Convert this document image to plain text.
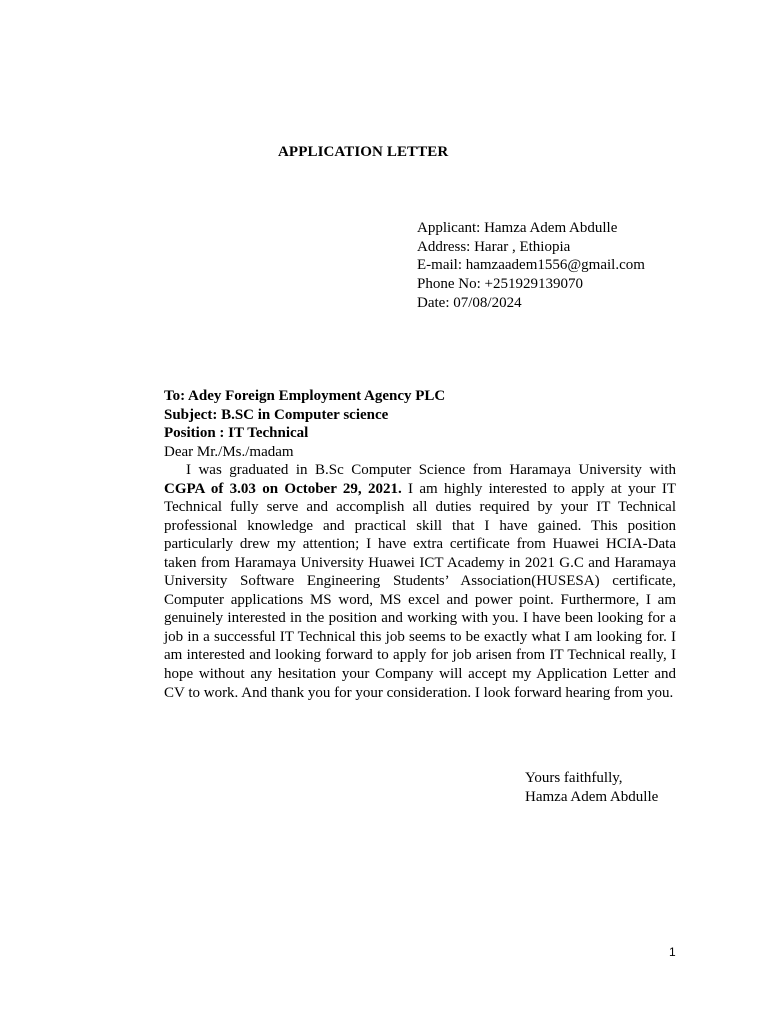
APPLICATION LETTER
Applicant: Hamza Adem Abdulle
Address: Harar , Ethiopia
E-mail: hamzaadem1556@gmail.com
Phone No: +251929139070
Date: 07/08/2024
To: Adey Foreign Employment Agency PLC
Subject: B.SC in Computer science
Position : IT Technical
Dear Mr./Ms./madam

I was graduated in B.Sc Computer Science from Haramaya University with CGPA of 3.03 on October 29, 2021. I am highly interested to apply at your IT Technical fully serve and accomplish all duties required by your IT Technical professional knowledge and practical skill that I have gained. This position particularly drew my attention; I have extra certificate from Huawei HCIA-Data taken from Haramaya University Huawei ICT Academy in 2021 G.C and Haramaya University Software Engineering Students’ Association(HUSESA) certificate, Computer applications MS word, MS excel and power point. Furthermore, I am genuinely interested in the position and working with you. I have been looking for a job in a successful IT Technical this job seems to be exactly what I am looking for. I am interested and looking forward to apply for job arisen from IT Technical really, I hope without any hesitation your Company will accept my Application Letter and CV to work. And thank you for your consideration. I look forward hearing from you.

Yours faithfully,
Hamza Adem Abdulle
1
